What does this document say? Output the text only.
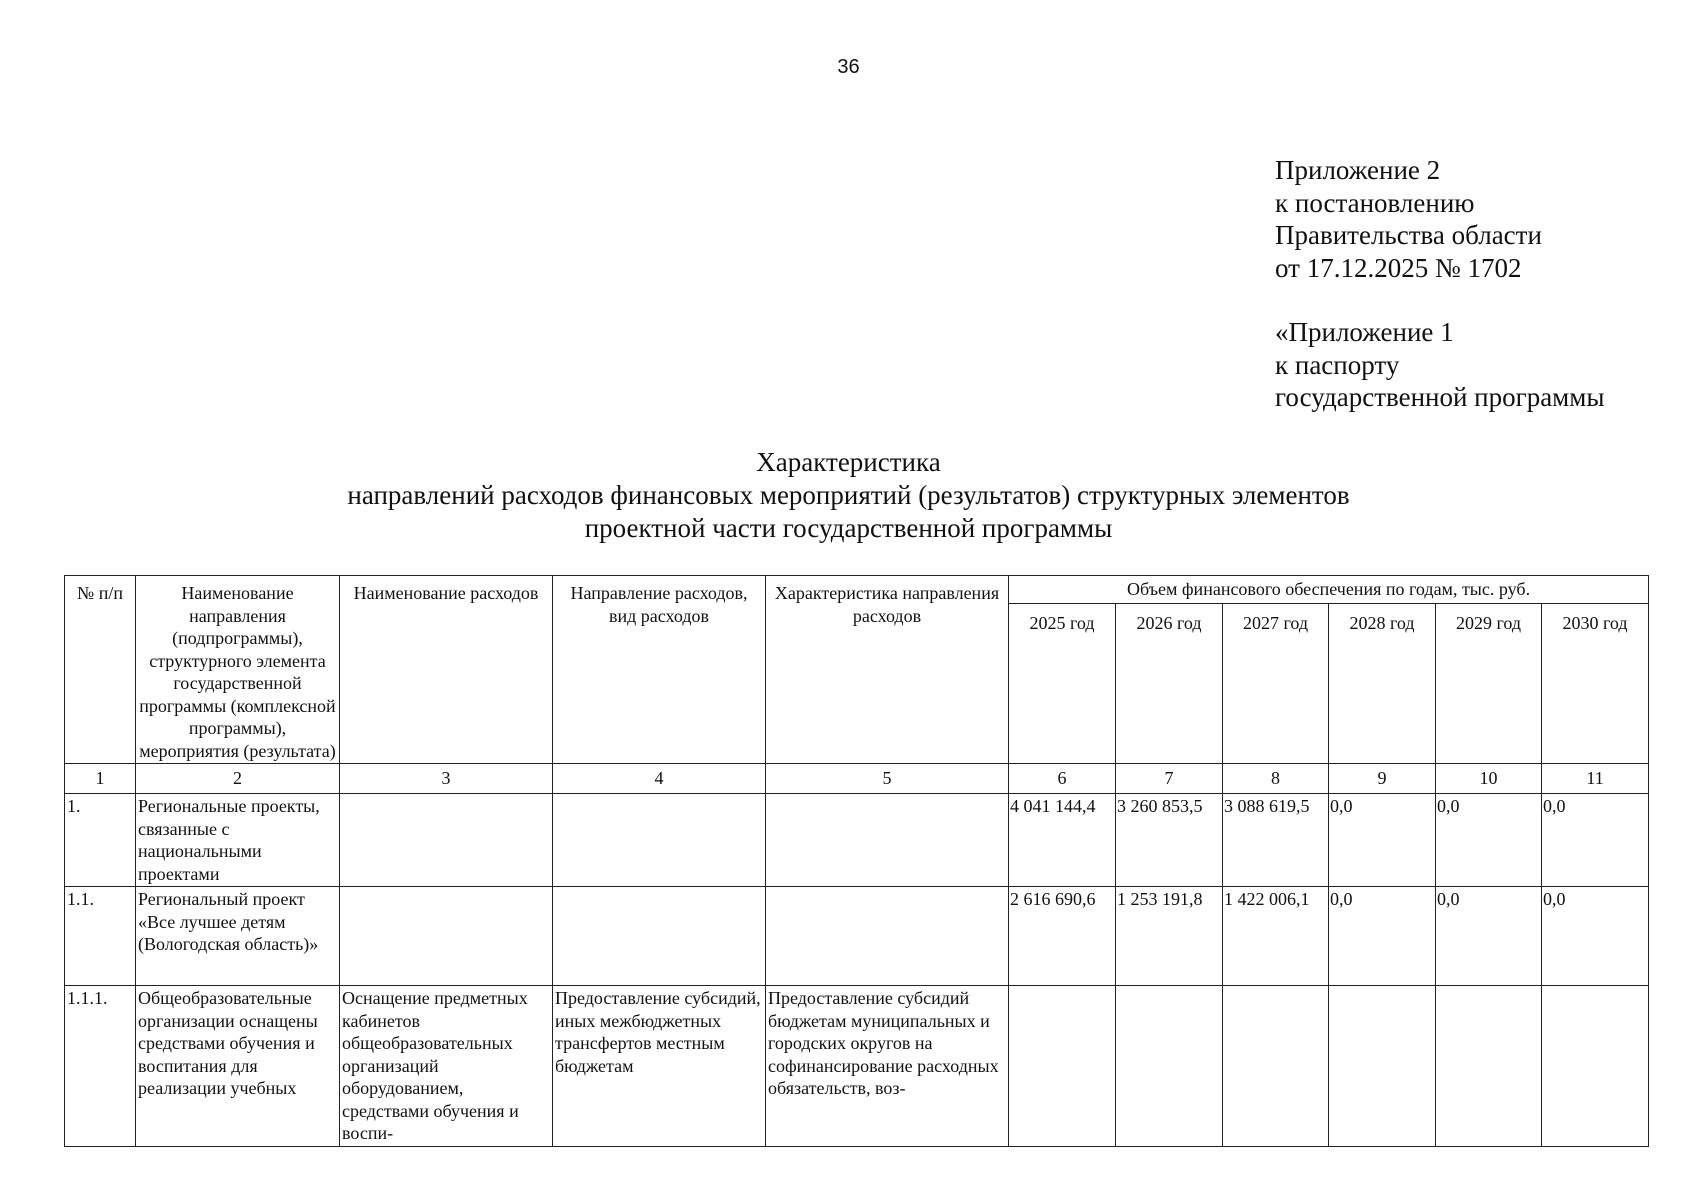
36
Приложение 2
к постановлению
Правительства области
от 17.12.2025 № 1702
«Приложение 1
к паспорту
государственной программы
Характеристика
направлений расходов финансовых мероприятий (результатов) структурных элементов
проектной части государственной программы
№ п/п	Наименование направления (подпрограммы), структурного элемента государственной программы (комплексной программы), мероприятия (результата)	Наименование расходов	Направление расходов, вид расходов	Характеристика направления расходов	Объем финансового обеспечения по годам, тыс. руб.					
					2025 год	2026 год	2027 год	2028 год	2029 год	2030 год
1	2	3	4	5	6	7	8	9	10	11
1.	Региональные проекты, связанные с национальными проектами				4 041 144,4	3 260 853,5	3 088 619,5	0,0	0,0	0,0
1.1.	Региональный проект «Все лучшее детям (Вологодская область)»				2 616 690,6	1 253 191,8	1 422 006,1	0,0	0,0	0,0
1.1.1.	Общеобразовательные организации оснащены средствами обучения и воспитания для реализации учебных	Оснащение предметных кабинетов общеобразовательных организаций оборудованием, средствами обучения и воспи-	Предоставление субсидий, иных межбюджетных трансфертов местным бюджетам	Предоставление субсидий бюджетам муниципальных и городских округов на софинансирование расходных обязательств, воз-						
